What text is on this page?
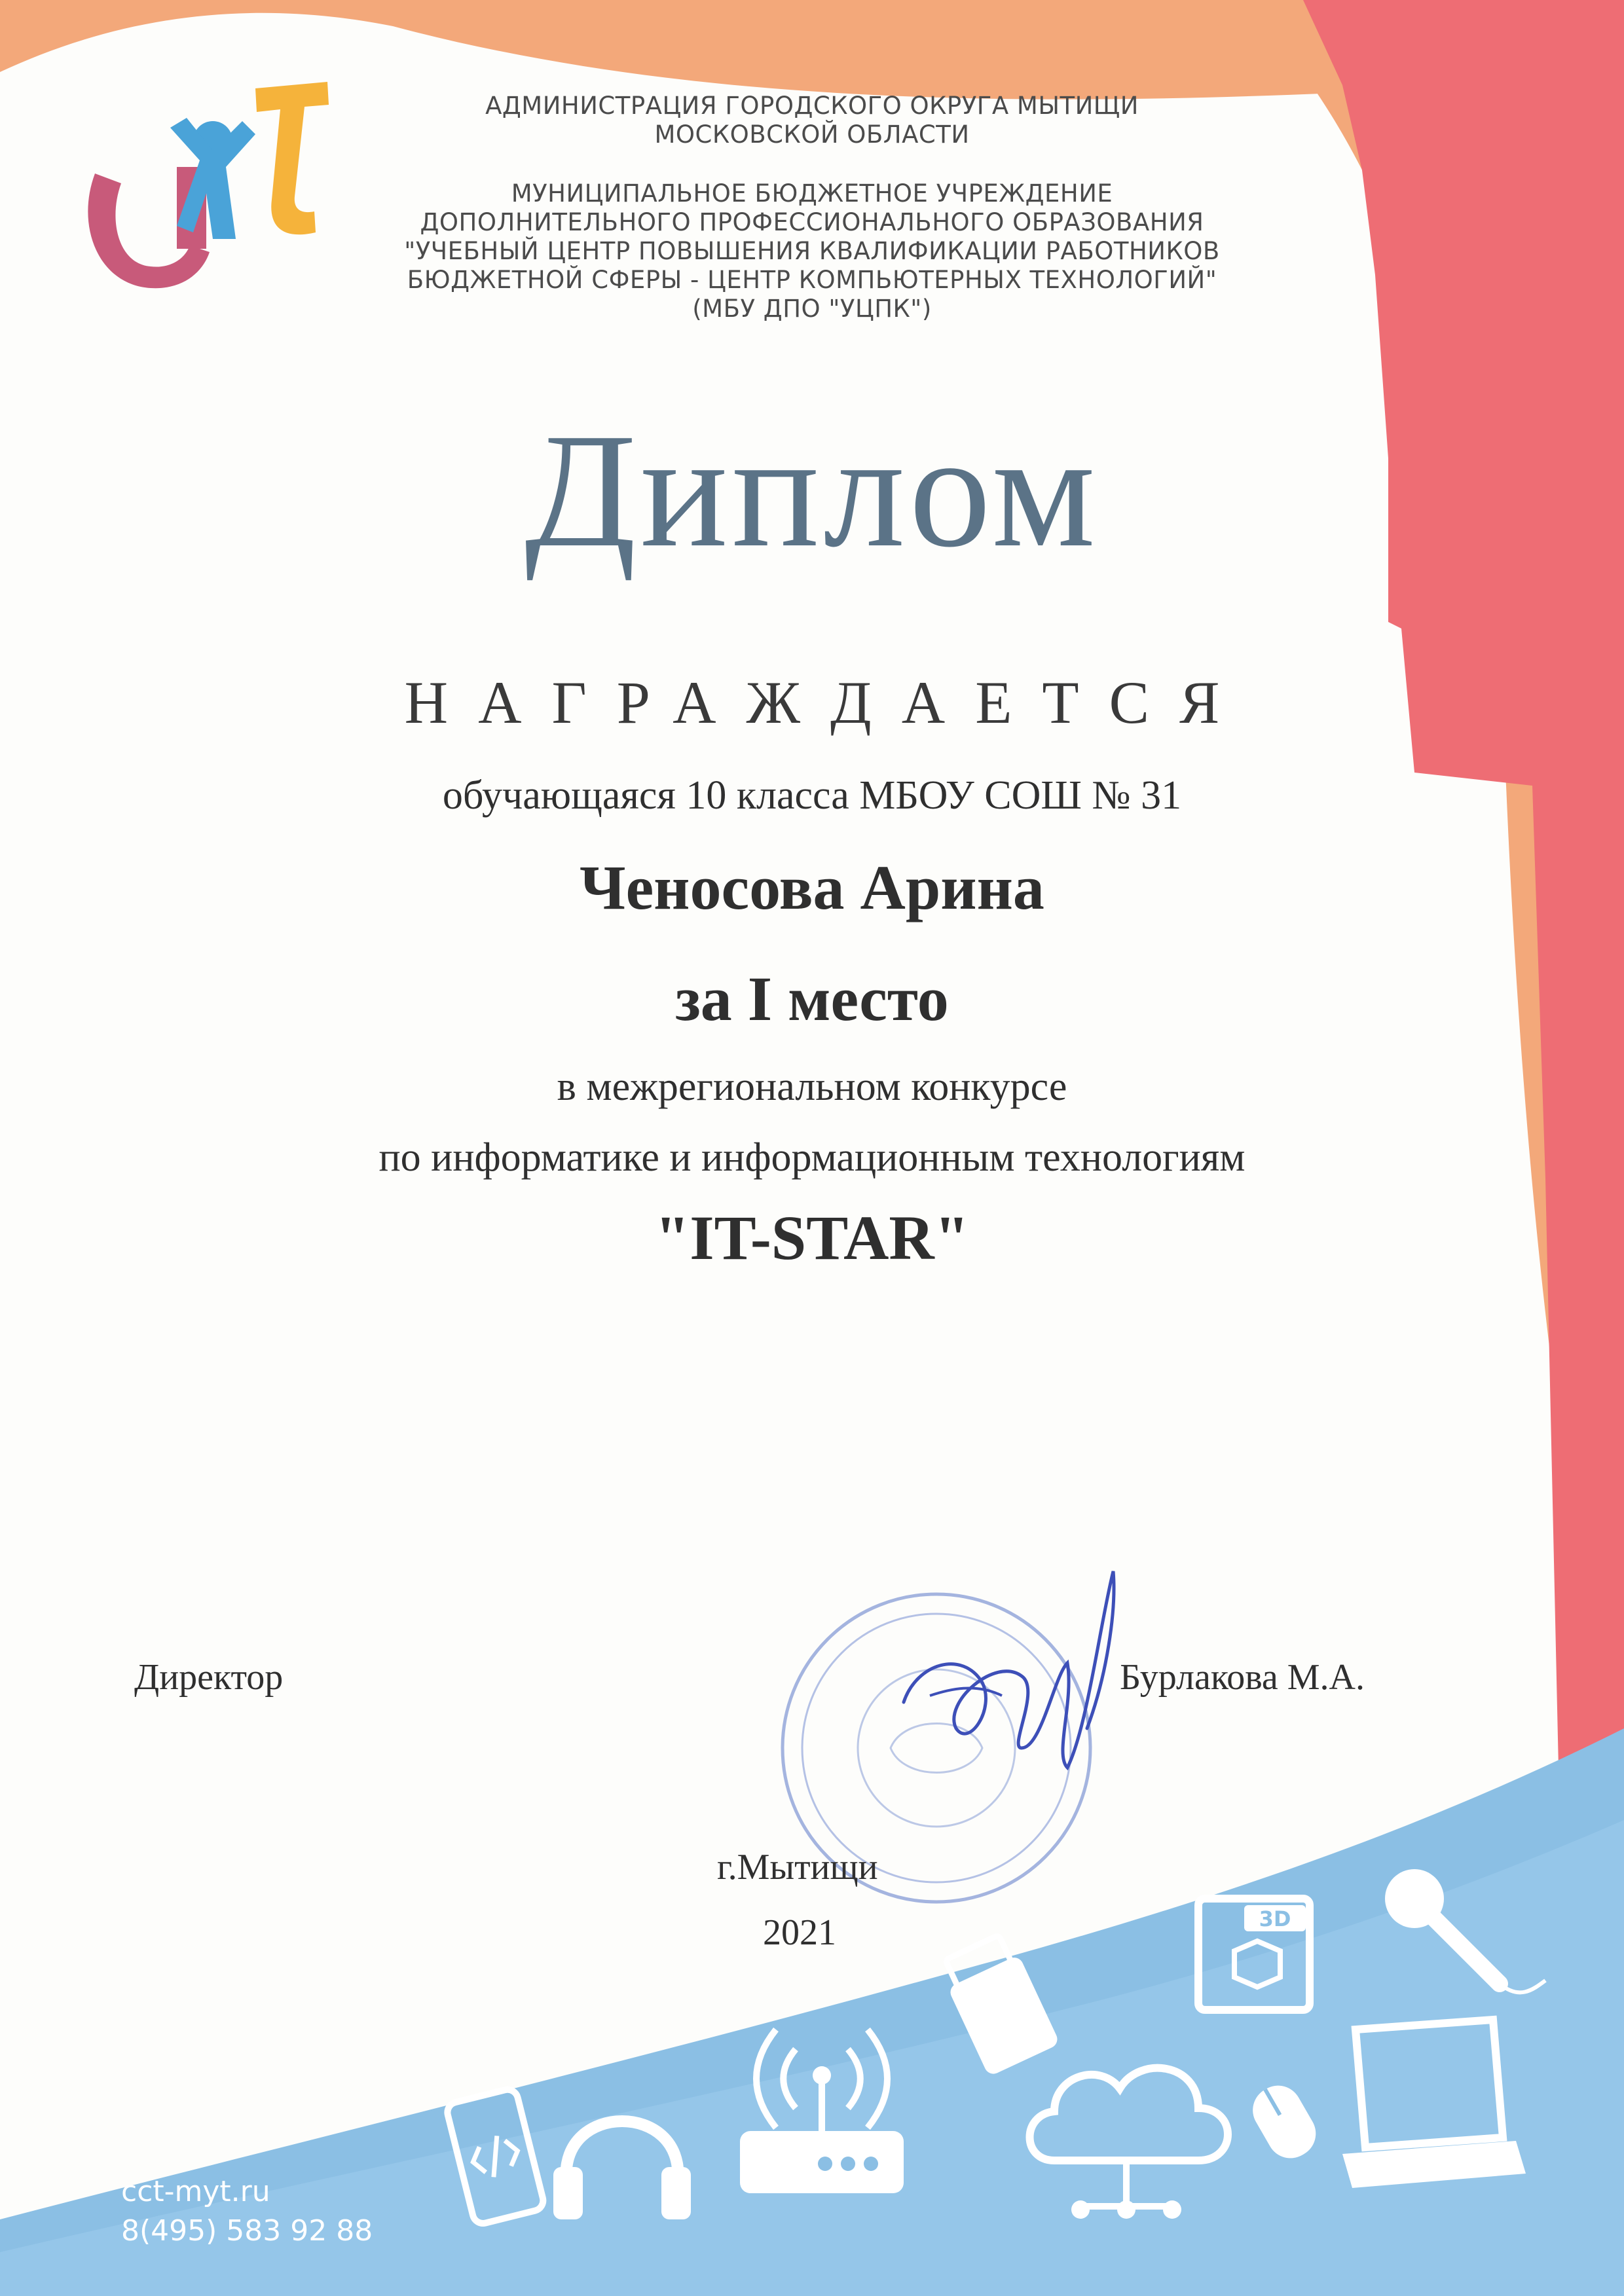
ЦКТ
АДМИНИСТРАЦИЯ ГОРОДСКОГО ОКРУГА МЫТИЩИ
МОСКОВСКОЙ ОБЛАСТИ
МУНИЦИПАЛЬНОЕ БЮДЖЕТНОЕ УЧРЕЖДЕНИЕ
ДОПОЛНИТЕЛЬНОГО ПРОФЕССИОНАЛЬНОГО ОБРАЗОВАНИЯ
"УЧЕБНЫЙ ЦЕНТР ПОВЫШЕНИЯ КВАЛИФИКАЦИИ РАБОТНИКОВ
БЮДЖЕТНОЙ СФЕРЫ - ЦЕНТР КОМПЬЮТЕРНЫХ ТЕХНОЛОГИЙ"
(МБУ ДПО "УЦПК")
Диплом
НАГРАЖДАЕТСЯ
обучающаяся 10 класса МБОУ СОШ № 31
Ченосова Арина
за I место
в межрегиональном конкурсе
по информатике и информационным технологиям
"IT-STAR"
Директор	Бурлакова М.А.
г.Мытищи
2021	3D
cct-myt.ru
8(495) 583 92 88
